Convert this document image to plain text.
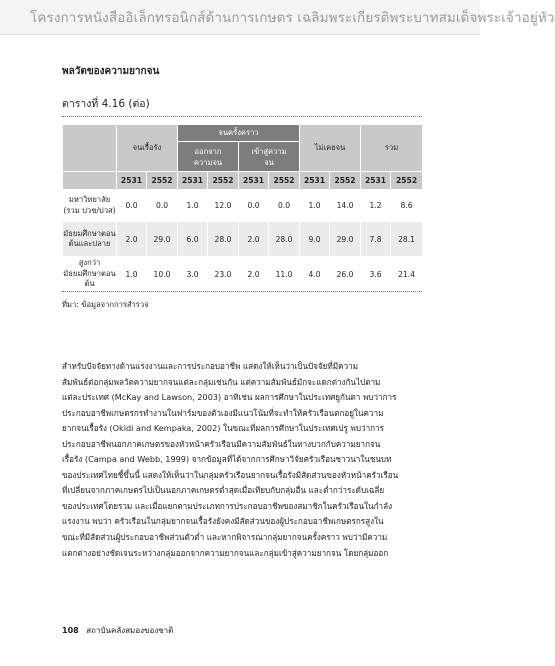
โครงการหนังสืออิเล็กทรอนิกส์ด้านการเกษตร เฉลิมพระเกียรติพระบาทสมเด็จพระเจ้าอยู่หัว
พลวัตของความยากจน
ตารางที่ 4.16 (ต่อ)
	จนเรื้อรัง		จนครั้งคราว				ไม่เคยจน		รวม	
			ออกจากความจน		เข้าสู่ความจน					
	2531	2552	2531	2552	2531	2552	2531	2552	2531	2552
มหาวิทยาลัย (รวม ปวช/ปวส)	0.0	0.0	1.0	12.0	0.0	0.0	1.0	14.0	1.2	8.6
มัธยมศึกษาตอนต้นและปลาย	2.0	29.0	6.0	28.0	2.0	28.0	9.0	29.0	7.8	28.1
สูงกว่ามัธยมศึกษาตอนต้น	1.0	10.0	3.0	23.0	2.0	11.0	4.0	26.0	3.6	21.4
ที่มา: ข้อมูลจากการสำรวจ
สำหรับปัจจัยทางด้านแรงงานและการประกอบอาชีพ แสดงให้เห็นว่าเป็นปัจจัยที่มีความ
สัมพันธ์ต่อกลุ่มพลวัตความยากจนแต่ละกลุ่มเช่นกัน แต่ความสัมพันธ์มักจะแตกต่างกันไปตาม
แต่ละประเทศ (McKay and Lawson, 2003) อาทิเช่น ผลการศึกษาในประเทศยูกันดา พบว่าการ
ประกอบอาชีพเกษตรกรทำงานในฟาร์มของตัวเองมีแนวโน้มที่จะทำให้ครัวเรือนตกอยู่ในความ
ยากจนเรื้อรัง (Okidi and Kempaka, 2002) ในขณะที่ผลการศึกษาในประเทศเปรู พบว่าการ
ประกอบอาชีพนอกภาคเกษตรของหัวหน้าครัวเรือนมีความสัมพันธ์ในทางบวกกับความยากจน
เรื้อรัง (Campa and Webb, 1999) จากข้อมูลที่ได้จากการศึกษาวิจัยครัวเรือนชาวนาในชนบท
ของประเทศไทยชี้ขึ้นนี้ แสดงให้เห็นว่าในกลุ่มครัวเรือนยากจนเรื้อรังมีสัดส่วนของหัวหน้าครัวเรือน
ที่เปลี่ยนจากภาคเกษตรไปเป็นนอกภาคเกษตรต่ำสุดเมื่อเทียบกับกลุ่มอื่น และต่ำกว่าระดับเฉลี่ย
ของประเทศโดยรวม และเมื่อแยกตามประเภทการประกอบอาชีพของสมาชิกในครัวเรือนในกำลัง
แรงงาน พบว่า ครัวเรือนในกลุ่มยากจนเรื้อรังยังคงมีสัดส่วนของผู้ประกอบอาชีพเกษตรกรสูงใน
ขณะที่มีสัดส่วนผู้ประกอบอาชีพส่วนตัวต่ำ และหากพิจารณากลุ่มยากจนครั้งคราว พบว่ามีความ
แตกต่างอย่างชัดเจนระหว่างกลุ่มออกจากความยากจนและกลุ่มเข้าสู่ความยากจน โดยกลุ่มออก
108 สถาบันคลังสมองของชาติ
